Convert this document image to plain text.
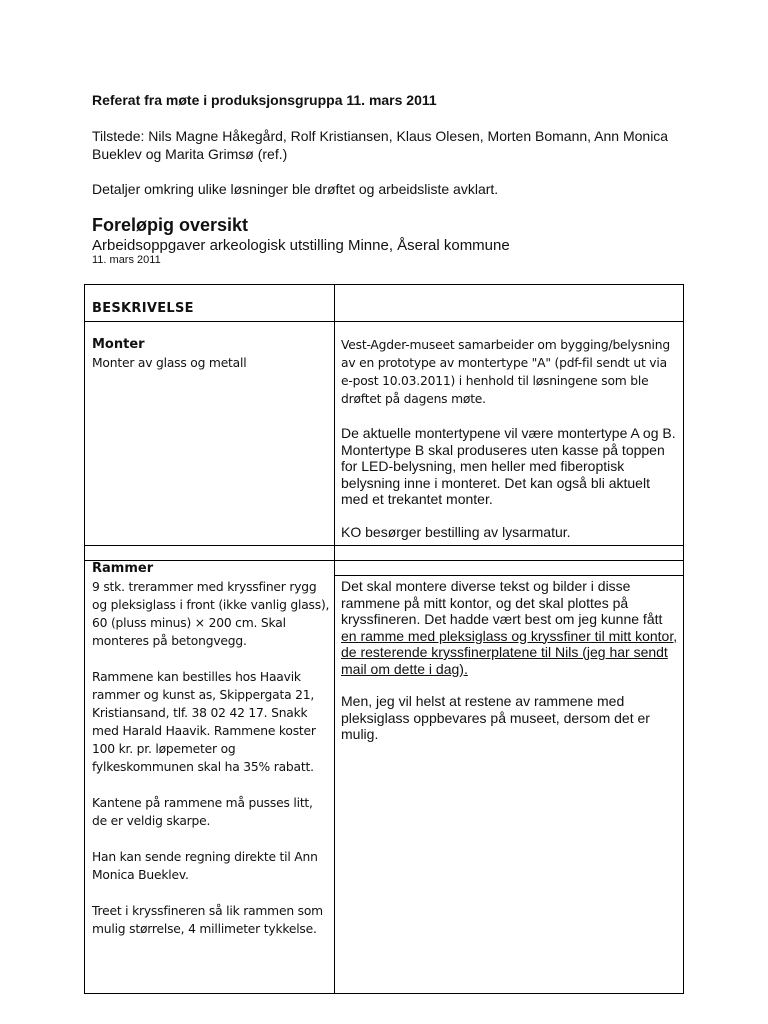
Referat fra møte i produksjonsgruppa 11. mars 2011
Tilstede: Nils Magne Håkegård, Rolf Kristiansen, Klaus Olesen, Morten Bomann, Ann Monica Bueklev og Marita Grimsø (ref.)
Detaljer omkring ulike løsninger ble drøftet og arbeidsliste avklart.
Foreløpig oversikt
Arbeidsoppgaver arkeologisk utstilling Minne, Åseral kommune
11. mars 2011
BESKRIVELSE
Monter
Monter av glass og metall

Vest-Agder-museet samarbeider om bygging/belysning av en prototype av montertype "A" (pdf-fil sendt ut via e-post 10.03.2011) i henhold til løsningene som ble drøftet på dagens møte.

De aktuelle montertypene vil være montertype A og B. Montertype B skal produseres uten kasse på toppen for LED-belysning, men heller med fiberoptisk belysning inne i monteret. Det kan også bli aktuelt med et trekantet monter.

KO besørger bestilling av lysarmatur.

Rammer

9 stk. trerammer med kryssfiner rygg og pleksiglass i front (ikke vanlig glass), 60 (pluss minus) × 200 cm. Skal monteres på betongvegg.

Rammene kan bestilles hos Haavik rammer og kunst as, Skippergata 21, Kristiansand, tlf. 38 02 42 17. Snakk med Harald Haavik. Rammene koster 100 kr. pr. løpemeter og fylkeskommunen skal ha 35% rabatt.

Kantene på rammene må pusses litt, de er veldig skarpe.

Han kan sende regning direkte til Ann Monica Bueklev.

Treet i kryssfineren så lik rammen som mulig størrelse, 4 millimeter tykkelse.

Det skal montere diverse tekst og bilder i disse rammene på mitt kontor, og det skal plottes på kryssfineren. Det hadde vært best om jeg kunne fått en ramme med pleksiglass og kryssfiner til mitt kontor, de resterende kryssfinerplatene til Nils (jeg har sendt mail om dette i dag).

Men, jeg vil helst at restene av rammene med pleksiglass oppbevares på museet, dersom det er mulig.
